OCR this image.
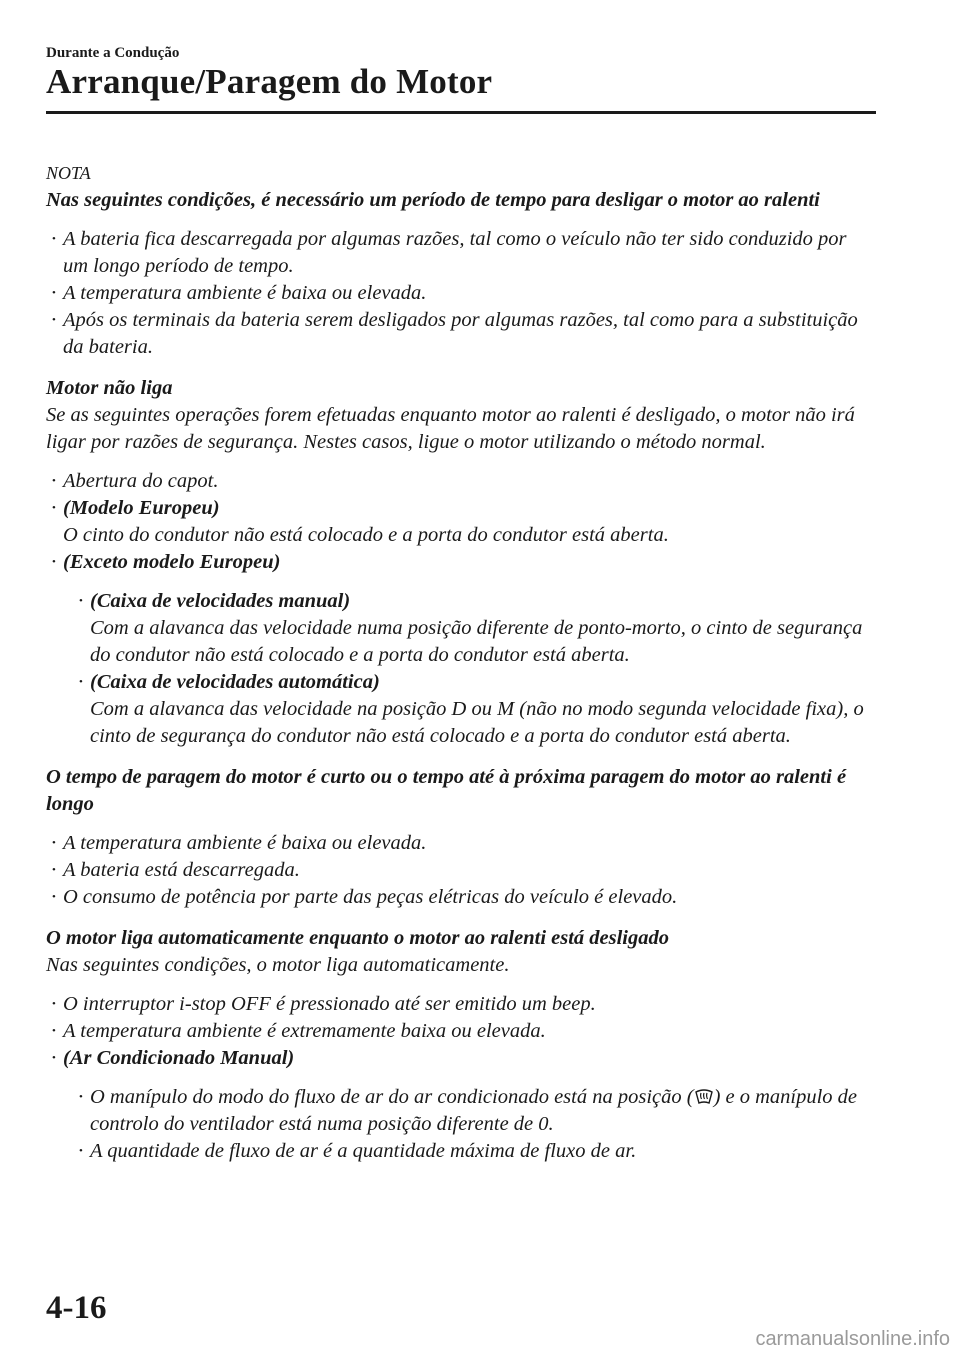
Durante a Condução
Arranque/Paragem do Motor

NOTA

Nas seguintes condições, é necessário um período de tempo para desligar o motor ao ralenti

• A bateria fica descarregada por algumas razões, tal como o veículo não ter sido conduzido por um longo período de tempo.
• A temperatura ambiente é baixa ou elevada.
• Após os terminais da bateria serem desligados por algumas razões, tal como para a substituição da bateria.

Motor não liga

Se as seguintes operações forem efetuadas enquanto motor ao ralenti é desligado, o motor não irá ligar por razões de segurança. Nestes casos, ligue o motor utilizando o método normal.

• Abertura do capot.
• (Modelo Europeu)
O cinto do condutor não está colocado e a porta do condutor está aberta.
• (Exceto modelo Europeu)
• (Caixa de velocidades manual)
Com a alavanca das velocidade numa posição diferente de ponto-morto, o cinto de segurança do condutor não está colocado e a porta do condutor está aberta.
• (Caixa de velocidades automática)
Com a alavanca das velocidade na posição D ou M (não no modo segunda velocidade fixa), o cinto de segurança do condutor não está colocado e a porta do condutor está aberta.

O tempo de paragem do motor é curto ou o tempo até à próxima paragem do motor ao ralenti é longo

• A temperatura ambiente é baixa ou elevada.
• A bateria está descarregada.
• O consumo de potência por parte das peças elétricas do veículo é elevado.

O motor liga automaticamente enquanto o motor ao ralenti está desligado

Nas seguintes condições, o motor liga automaticamente.

• O interruptor i-stop OFF é pressionado até ser emitido um beep.
• A temperatura ambiente é extremamente baixa ou elevada.
• (Ar Condicionado Manual)
• O manípulo do modo do fluxo de ar do ar condicionado está na posição ( ) e o manípulo de controlo do ventilador está numa posição diferente de 0.
• A quantidade de fluxo de ar é a quantidade máxima de fluxo de ar.
4-16
carmanualsonline.info
